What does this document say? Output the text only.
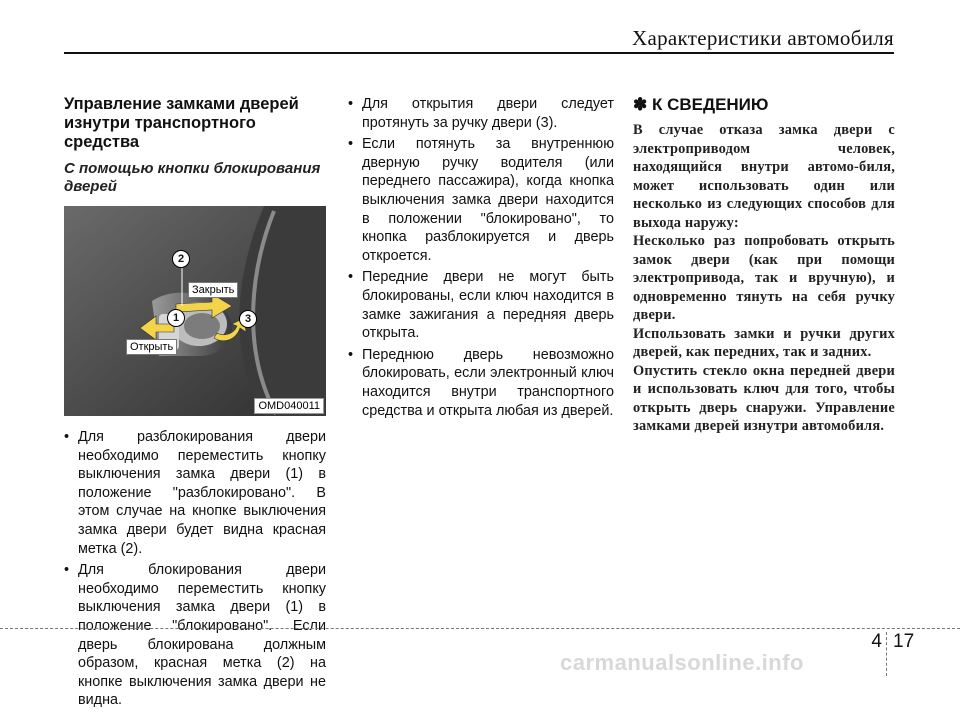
Характеристики автомобиля
Управление замками дверей изнутри транспортного средства
С помощью кнопки блокирования дверей
Закрыть
Открыть
2
1	3
OMD040011
• Для разблокирования двери необходимо переместить кнопку выключения замка двери (1) в положение "разблокировано". В этом случае на кнопке выключения замка двери будет видна красная метка (2).
• Для блокирования двери необходимо переместить кнопку выключения замка двери (1) в положение "блокировано". Если дверь блокирована должным образом, красная метка (2) на кнопке выключения замка двери не видна.
• Для открытия двери следует протянуть за ручку двери (3).
• Если потянуть за внутреннюю дверную ручку водителя (или переднего пассажира), когда кнопка выключения замка двери находится в положении "блокировано", то кнопка разблокируется и дверь откроется.
• Передние двери не могут быть блокированы, если ключ находится в замке зажигания а передняя дверь открыта.
• Переднюю дверь невозможно блокировать, если электронный ключ находится внутри транспортного средства и открыта любая из дверей.
✽ К СВЕДЕНИЮ

В случае отказа замка двери с электроприводом человек, находящийся внутри автомо-биля, может использовать один или несколько из следующих способов для выхода наружу:

Несколько раз попробовать открыть замок двери (как при помощи электропривода, так и вручную), и одновременно тянуть на себя ручку двери.

Использовать замки и ручки других дверей, как передних, так и задних.

Опустить стекло окна передней двери и использовать ключ для того, чтобы открыть дверь снаружи. Управление замками дверей изнутри автомобиля.

4 17
carmanualsonline.info
